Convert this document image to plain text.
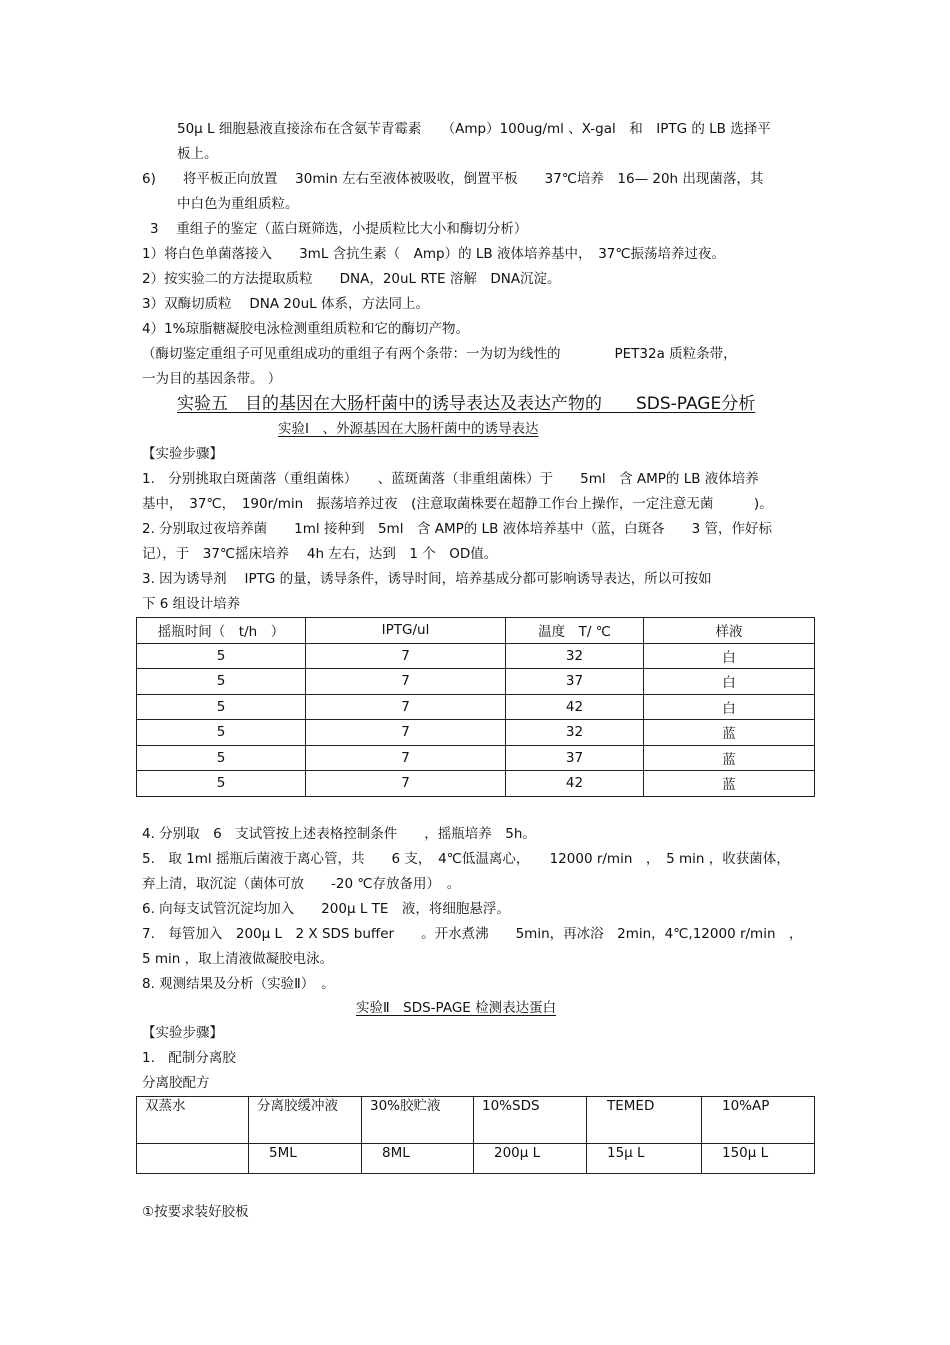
50μ L 细胞悬液直接涂布在含氨苄青霉素　　（Amp）100ug/ml 、X-gal　和　IPTG 的 LB 选择平
板上。
6)　　将平板正向放置　 30min 左右至液体被吸收，倒置平板　　37℃培养　16— 20h 出现菌落，其
中白色为重组质粒。
3　 重组子的鉴定（蓝白斑筛选，小提质粒比大小和酶切分析）
1）将白色单菌落接入　　3mL 含抗生素（　Amp）的 LB 液体培养基中，　37℃振荡培养过夜。
2）按实验二的方法提取质粒　　DNA，20uL RTE 溶解　DNA沉淀。
3）双酶切质粒　 DNA 20uL 体系，方法同上。
4）1%琼脂糖凝胶电泳检测重组质粒和它的酶切产物。
（酶切鉴定重组子可见重组成功的重组子有两个条带：一为切为线性的　　　　PET32a 质粒条带，
一为目的基因条带。 ）
实验五　目的基因在大肠杆菌中的诱导表达及表达产物的　　SDS-PAGE分析
实验Ⅰ　、外源基因在大肠杆菌中的诱导表达
【实验步骤】
1.　分别挑取白斑菌落（重组菌株）　　、蓝斑菌落（非重组菌株）于　　5ml　含 AMP的 LB 液体培养
基中，　37℃，　190r/min　振荡培养过夜　(注意取菌株要在超静工作台上操作，一定注意无菌　　　)。
2. 分别取过夜培养菌　　1ml 接种到　5ml　含 AMP的 LB 液体培养基中（蓝，白斑各　　3 管，作好标
记），于　37℃摇床培养　 4h 左右，达到　1 个　OD值。
3. 因为诱导剂　 IPTG 的量，诱导条件，诱导时间，培养基成分都可影响诱导表达，所以可按如
下 6 组设计培养
摇瓶时间（　t/h　）	IPTG/ul	温度　T/ ℃	样液
5	7	32	白
5	7	37	白
5	7	42	白
5	7	32	蓝
5	7	37	蓝
5	7	42	蓝
4. 分别取　6　支试管按上述表格控制条件　　，摇瓶培养　5h。
5.　取 1ml 摇瓶后菌液于离心管，共　　6 支，　4℃低温离心，　　12000 r/min　，　5 min ，收获菌体，
弃上清，取沉淀（菌体可放　　-20 ℃存放备用）　。
6. 向每支试管沉淀均加入　　200μ L TE　液，将细胞悬浮。
7.　每管加入　200μ L　2 X SDS buffer　　。开水煮沸　　5min，再冰浴　2min，4℃,12000 r/min　，
5 min ，取上清液做凝胶电泳。
8. 观测结果及分析（实验Ⅱ）　。
实验Ⅱ　SDS-PAGE 检测表达蛋白
【实验步骤】
1.　配制分离胶
分离胶配方
双蒸水	分离胶缓冲液	30%胶贮液	10%SDS	TEMED	10%AP
	5ML	8ML	200μ L	15μ L	150μ L
①按要求装好胶板
